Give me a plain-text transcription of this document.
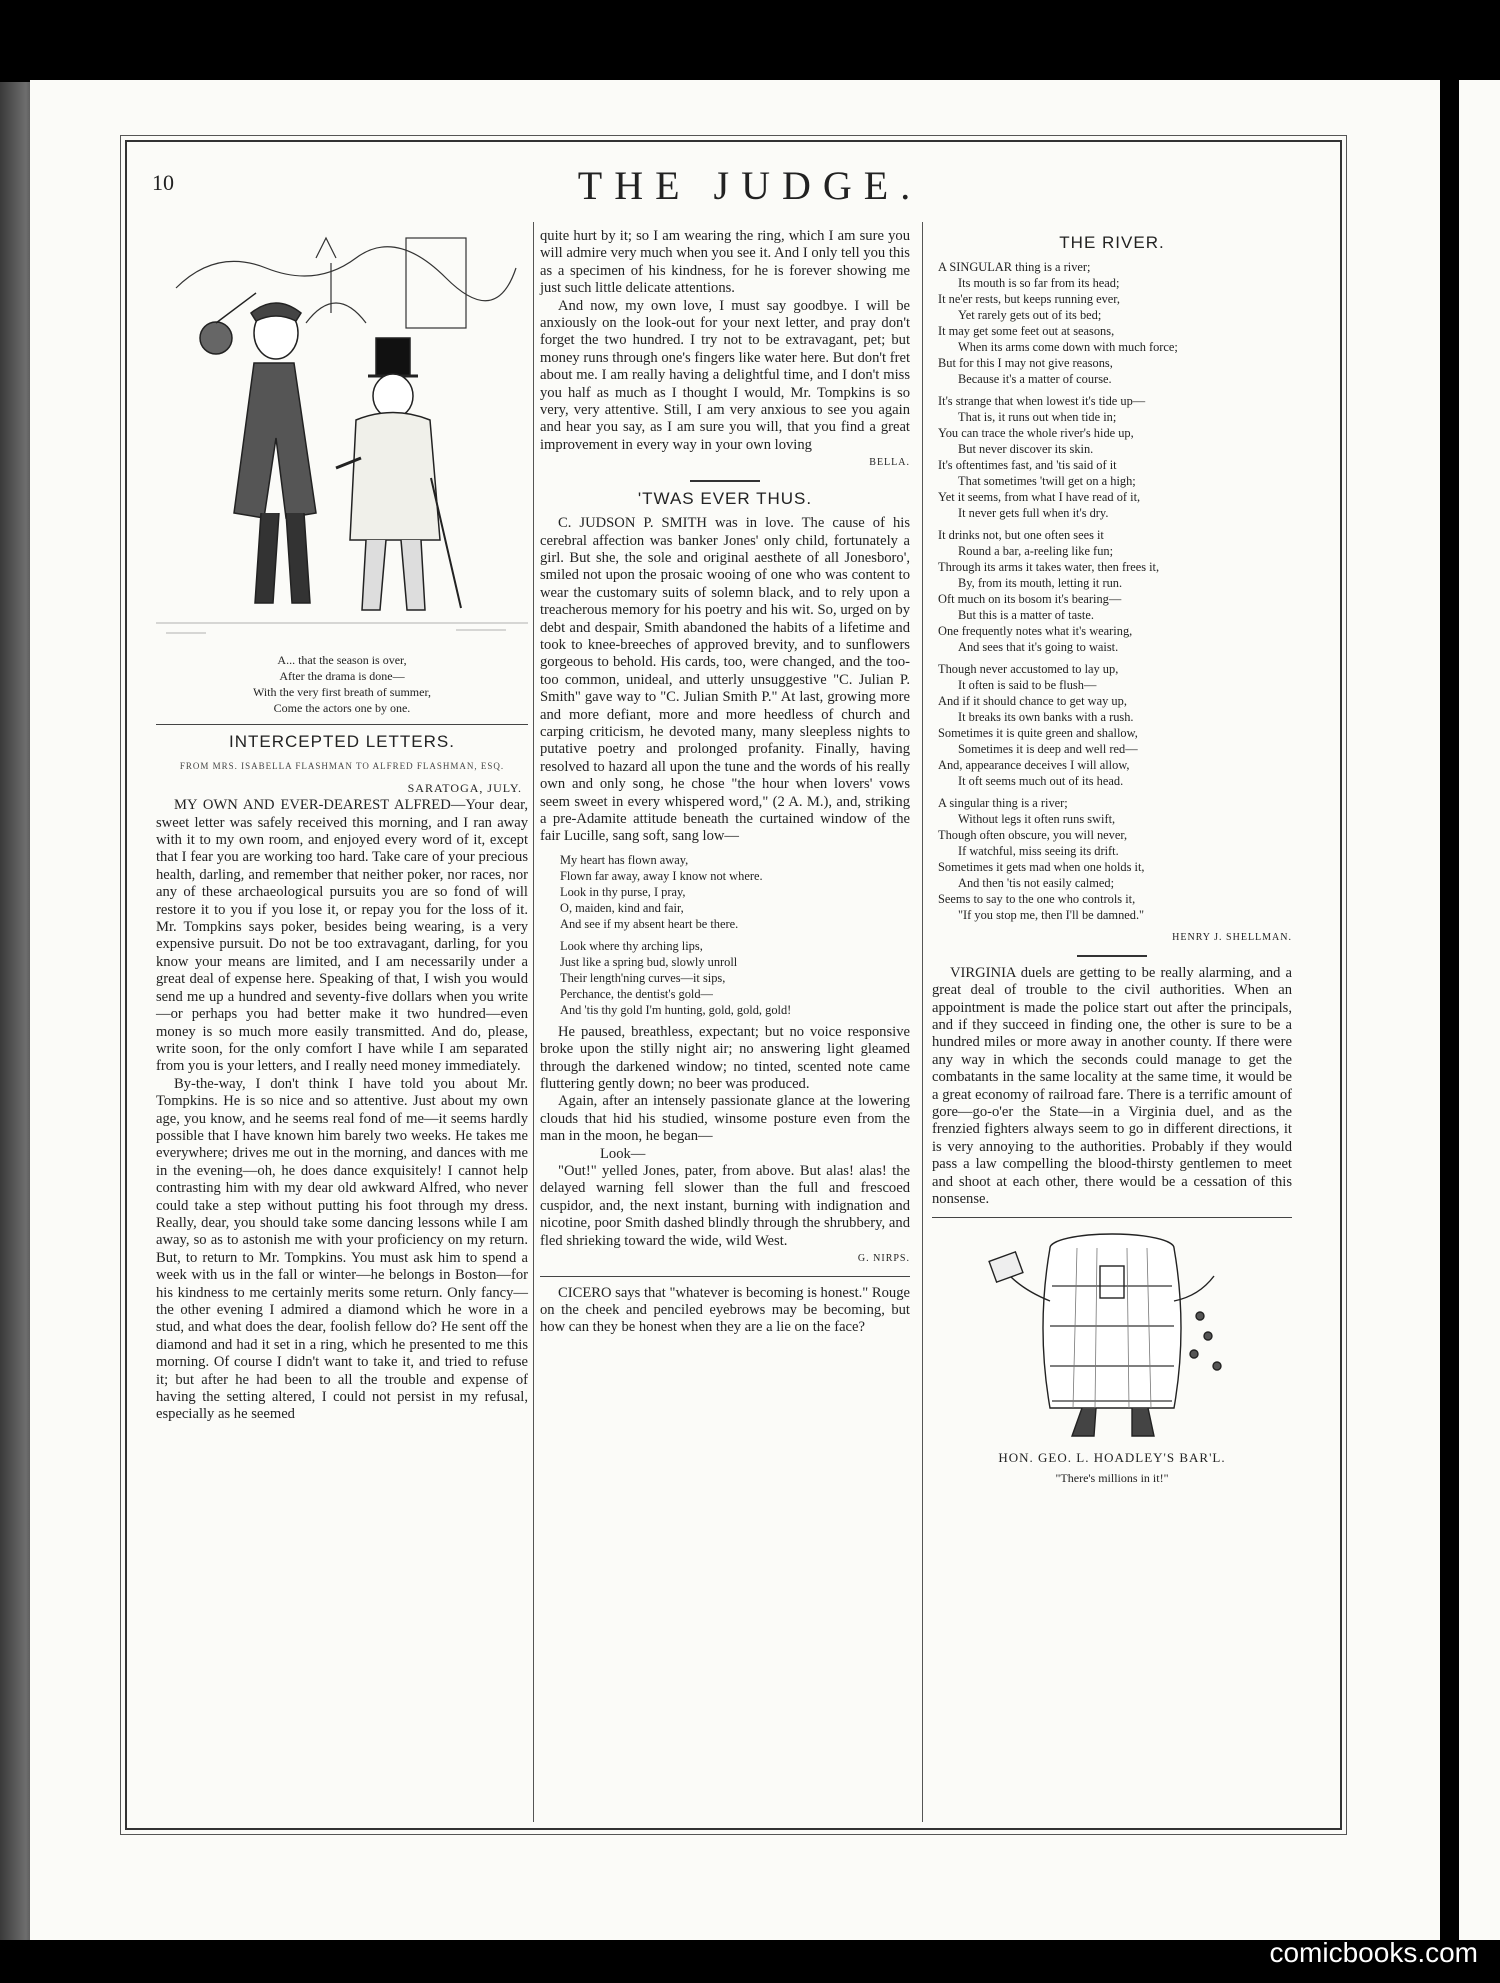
10	THE JUDGE.
A... that the season is over,
After the drama is done—
With the very first breath of summer,
Come the actors one by one.
INTERCEPTED LETTERS.
FROM MRS. ISABELLA FLASHMAN TO ALFRED FLASHMAN, ESQ.
SARATOGA, JULY.

MY OWN AND EVER-DEAREST ALFRED—Your dear, sweet letter was safely received this morning, and I ran away with it to my own room, and enjoyed every word of it, except that I fear you are working too hard. Take care of your precious health, darling, and remember that neither poker, nor races, nor any of these archaeological pursuits you are so fond of will restore it to you if you lose it, or repay you for the loss of it. Mr. Tompkins says poker, besides being wearing, is a very expensive pursuit. Do not be too extravagant, darling, for you know your means are limited, and I am necessarily under a great deal of expense here. Speaking of that, I wish you would send me up a hundred and seventy-five dollars when you write—or perhaps you had better make it two hundred—even money is so much more easily transmitted. And do, please, write soon, for the only comfort I have while I am separated from you is your letters, and I really need money immediately.

By-the-way, I don't think I have told you about Mr. Tompkins. He is so nice and so attentive. Just about my own age, you know, and he seems real fond of me—it seems hardly possible that I have known him barely two weeks. He takes me everywhere; drives me out in the morning, and dances with me in the evening—oh, he does dance exquisitely! I cannot help contrasting him with my dear old awkward Alfred, who never could take a step without putting his foot through my dress. Really, dear, you should take some dancing lessons while I am away, so as to astonish me with your proficiency on my return. But, to return to Mr. Tompkins. You must ask him to spend a week with us in the fall or winter—he belongs in Boston—for his kindness to me certainly merits some return. Only fancy—the other evening I admired a diamond which he wore in a stud, and what does the dear, foolish fellow do? He sent off the diamond and had it set in a ring, which he presented to me this morning. Of course I didn't want to take it, and tried to refuse it; but after he had been to all the trouble and expense of having the setting altered, I could not persist in my refusal, especially as he seemed

quite hurt by it; so I am wearing the ring, which I am sure you will admire very much when you see it. And I only tell you this as a specimen of his kindness, for he is forever showing me just such little delicate attentions.

And now, my own love, I must say goodbye. I will be anxiously on the look-out for your next letter, and pray don't forget the two hundred. I try not to be extravagant, pet; but money runs through one's fingers like water here. But don't fret about me. I am really having a delightful time, and I don't miss you half as much as I thought I would, Mr. Tompkins is so very, very attentive. Still, I am very anxious to see you again and hear you say, as I am sure you will, that you find a great improvement in every way in your own loving

BELLA.
'TWAS EVER THUS.

C. JUDSON P. SMITH was in love. The cause of his cerebral affection was banker Jones' only child, fortunately a girl. But she, the sole and original aesthete of all Jonesboro', smiled not upon the prosaic wooing of one who was content to wear the customary suits of solemn black, and to rely upon a treacherous memory for his poetry and his wit. So, urged on by debt and despair, Smith abandoned the habits of a lifetime and took to knee-breeches of approved brevity, and to sunflowers gorgeous to behold. His cards, too, were changed, and the too-too common, unideal, and utterly unsuggestive "C. Julian P. Smith" gave way to "C. Julian Smith P." At last, growing more and more defiant, more and more heedless of church and carping criticism, he devoted many, many sleepless nights to putative poetry and prolonged profanity. Finally, having resolved to hazard all upon the tune and the words of his really own and only song, he chose "the hour when lovers' vows seem sweet in every whispered word," (2 A. M.), and, striking a pre-Adamite attitude beneath the curtained window of the fair Lucille, sang soft, sang low—

My heart has flown away,
Flown far away, away I know not where.
Look in thy purse, I pray,
O, maiden, kind and fair,
And see if my absent heart be there.
Look where thy arching lips,
Just like a spring bud, slowly unroll
Their length'ning curves—it sips,
Perchance, the dentist's gold—
And 'tis thy gold I'm hunting, gold, gold, gold!

He paused, breathless, expectant; but no voice responsive broke upon the stilly night air; no answering light gleamed through the darkened window; no tinted, scented note came fluttering gently down; no beer was produced.

Again, after an intensely passionate glance at the lowering clouds that hid his studied, winsome posture even from the man in the moon, he began—

Look—

"Out!" yelled Jones, pater, from above. But alas! alas! the delayed warning fell slower than the full and frescoed cuspidor, and, the next instant, burning with indignation and nicotine, poor Smith dashed blindly through the shrubbery, and fled shrieking toward the wide, wild West.

G. NIRPS.

CICERO says that "whatever is becoming is honest." Rouge on the cheek and penciled eyebrows may be becoming, but how can they be honest when they are a lie on the face?

THE RIVER.
A SINGULAR thing is a river;
Its mouth is so far from its head;
It ne'er rests, but keeps running ever,
Yet rarely gets out of its bed;
It may get some feet out at seasons,
When its arms come down with much force;
But for this I may not give reasons,
Because it's a matter of course.
It's strange that when lowest it's tide up—
That is, it runs out when tide in;
You can trace the whole river's hide up,
But never discover its skin.
It's oftentimes fast, and 'tis said of it
That sometimes 'twill get on a high;
Yet it seems, from what I have read of it,
It never gets full when it's dry.
It drinks not, but one often sees it
Round a bar, a-reeling like fun;
Through its arms it takes water, then frees it,
By, from its mouth, letting it run.
Oft much on its bosom it's bearing—
But this is a matter of taste.
One frequently notes what it's wearing,
And sees that it's going to waist.
Though never accustomed to lay up,
It often is said to be flush—
And if it should chance to get way up,
It breaks its own banks with a rush.
Sometimes it is quite green and shallow,
Sometimes it is deep and well red—
And, appearance deceives I will allow,
It oft seems much out of its head.
A singular thing is a river;
Without legs it often runs swift,
Though often obscure, you will never,
If watchful, miss seeing its drift.
Sometimes it gets mad when one holds it,
And then 'tis not easily calmed;
Seems to say to the one who controls it,
"If you stop me, then I'll be damned."
HENRY J. SHELLMAN.

VIRGINIA duels are getting to be really alarming, and a great deal of trouble to the civil authorities. When an appointment is made the police start out after the principals, and if they succeed in finding one, the other is sure to be a hundred miles or more away in another county. If there were any way in which the seconds could manage to get the combatants in the same locality at the same time, it would be a great economy of railroad fare. There is a terrific amount of gore—go-o'er the State—in a Virginia duel, and as the frenzied fighters always seem to go in different directions, it is very annoying to the authorities. Probably if they would pass a law compelling the blood-thirsty gentlemen to meet and shoot at each other, there would be a cessation of this nonsense.

HON. GEO. L. HOADLEY'S BAR'L.
"There's millions in it!"
comicbooks.com
